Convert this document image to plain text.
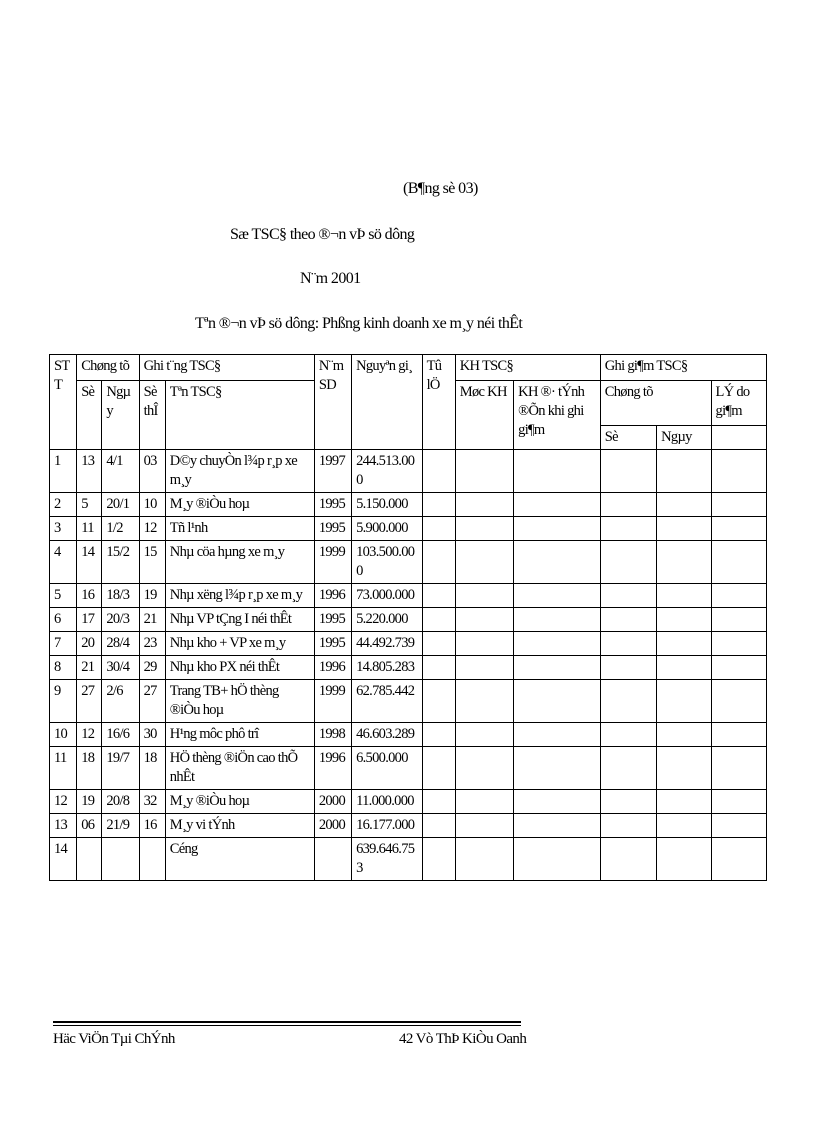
(B¶ng sè 03)
Sæ TSC§ theo ®¬n vÞ sö dông
N¨m 2001
Tªn ®¬n vÞ sö dông: Phßng kinh doanh xe m¸y néi thÊt
ST T	Chøng tõ		Ghi t¨ng TSC§		N¨m SD	Nguyªn gi¸	Tû lÖ	KH TSC§		Ghi gi¶m TSC§		
	Sè	Ngµ y	Sè thÎ	Tªn TSC§				Møc KH	KH ®· tÝnh ®Õn khi ghi gi¶m	Chøng tõ		LÝ do gi¶m
										Sè	Ngµy	
1	13	4/1	03	D©y chuyÒn l¾p r¸p xe m¸y	1997	244.513.000						
2	5	20/1	10	M¸y ®iÒu hoµ	1995	5.150.000						
3	11	1/2	12	Tñ l¹nh	1995	5.900.000						
4	14	15/2	15	Nhµ cöa hµng xe m¸y	1999	103.500.000						
5	16	18/3	19	Nhµ xëng l¾p r¸p xe m¸y	1996	73.000.000						
6	17	20/3	21	Nhµ VP tÇng I néi thÊt	1995	5.220.000						
7	20	28/4	23	Nhµ kho + VP xe m¸y	1995	44.492.739						
8	21	30/4	29	Nhµ kho PX néi thÊt	1996	14.805.283						
9	27	2/6	27	Trang TB+ hÖ thèng ®iÒu hoµ	1999	62.785.442						
10	12	16/6	30	H¹ng môc phô trî	1998	46.603.289						
11	18	19/7	18	HÖ thèng ®iÖn cao thÕ nhÊt	1996	6.500.000						
12	19	20/8	32	M¸y ®iÒu hoµ	2000	11.000.000						
13	06	21/9	16	M¸y vi tÝnh	2000	16.177.000						
14				Céng		639.646.753						
Häc ViÖn Tµi ChÝnh	42 Vò ThÞ KiÒu Oanh
